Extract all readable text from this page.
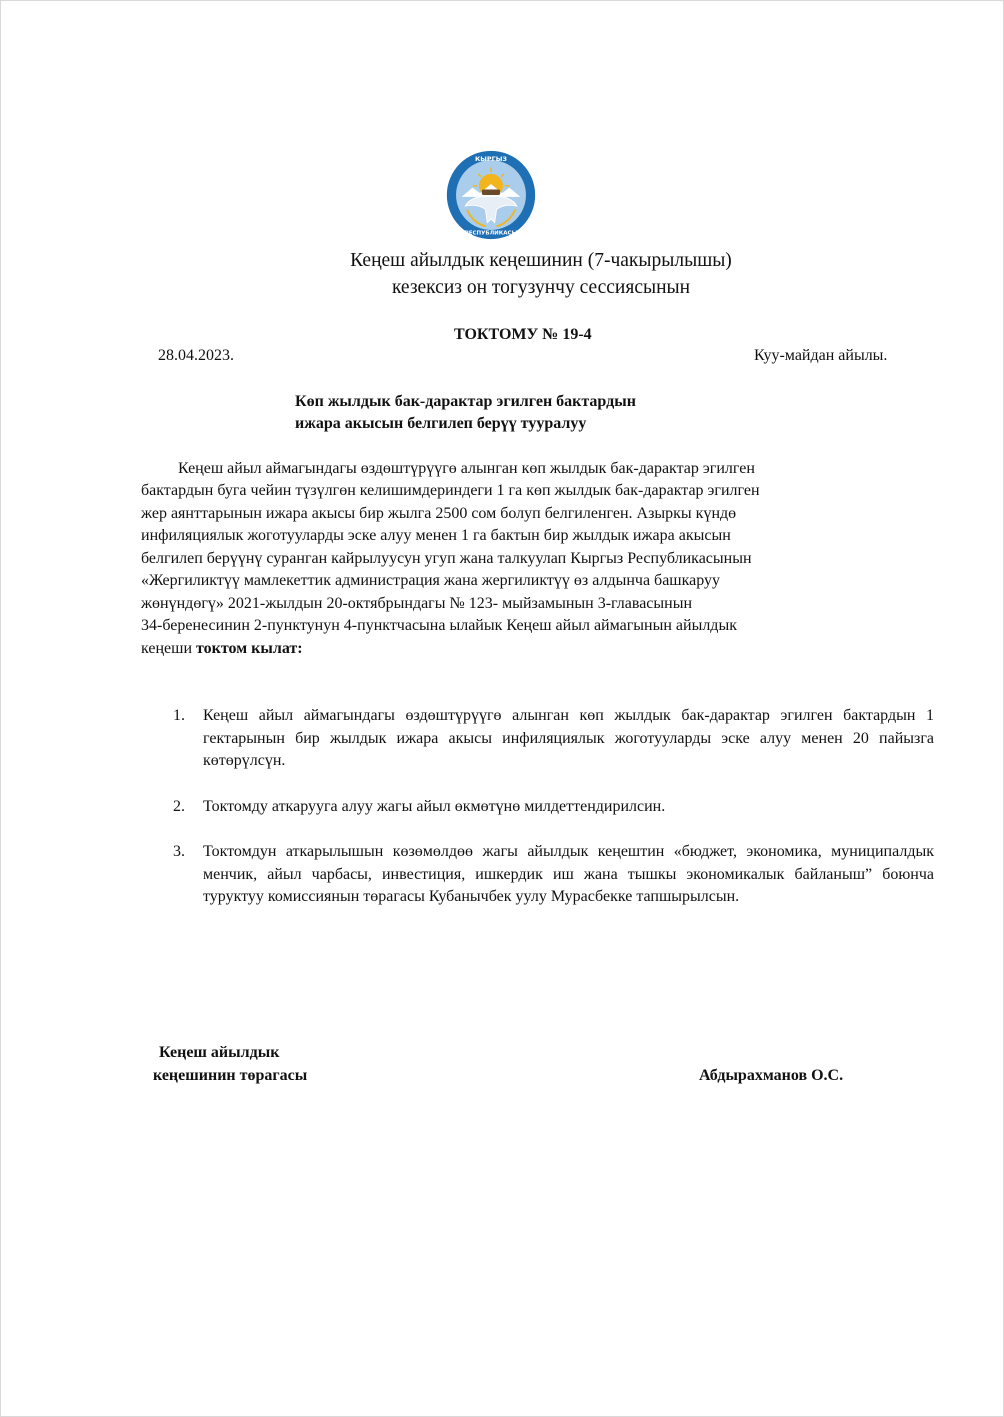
КЫРГЫЗ
РЕСПУБЛИКАСЫ
Кеңеш айылдык кеңешинин (7-чакырылышы)
кезексиз он тогузунчу сессиясынын
ТОКТОМУ № 19-4
28.04.2023.	Куу-майдан айылы.
Көп жылдык бак-дарактар эгилген бактардын
ижара акысын белгилеп берүү тууралуу
Кеңеш айыл аймагындагы өздөштүрүүгө алынган көп жылдык бак-дарактар эгилген
бактардын буга чейин түзүлгөн келишимдериндеги 1 га көп жылдык бак-дарактар эгилген
жер аянттарынын ижара акысы бир жылга 2500 сом болуп белгиленген. Азыркы күндө
инфиляциялык жоготууларды эске алуу менен 1 га бактын бир жылдык ижара акысын
белгилеп берүүнү суранган кайрылуусун угуп жана талкуулап Кыргыз Республикасынын
«Жергиликтүү мамлекеттик администрация жана жергиликтүү өз алдынча башкаруу
жөнүндөгү» 2021-жылдын 20-октябрындагы № 123- мыйзамынын 3-главасынын
34-беренесинин 2-пунктунун 4-пунктчасына ылайык Кеңеш айыл аймагынын айылдык
кеңеши токтом кылат:
1 . Кеңеш айыл аймагындагы өздөштүрүүгө алынган көп жылдык бак-дарактар эгилген бактардын 1 гектарынын бир жылдык ижара акысы инфиляциялык жоготууларды эске алуу менен 20 пайызга көтөрүлсүн.
2 . Токтомду аткарууга алуу жагы айыл өкмөтүнө милдеттендирилсин.
3 . Токтомдун аткарылышын көзөмөлдөө жагы айылдык кеңештин «бюджет, экономика, муниципалдык менчик, айыл чарбасы, инвестиция, ишкердик иш жана тышкы экономикалык байланыш” боюнча туруктуу комиссиянын төрагасы Кубанычбек уулу Мурасбекке тапшырылсын.
Кеңеш айылдык
кеңешинин төрагасы	Абдырахманов О.С.
